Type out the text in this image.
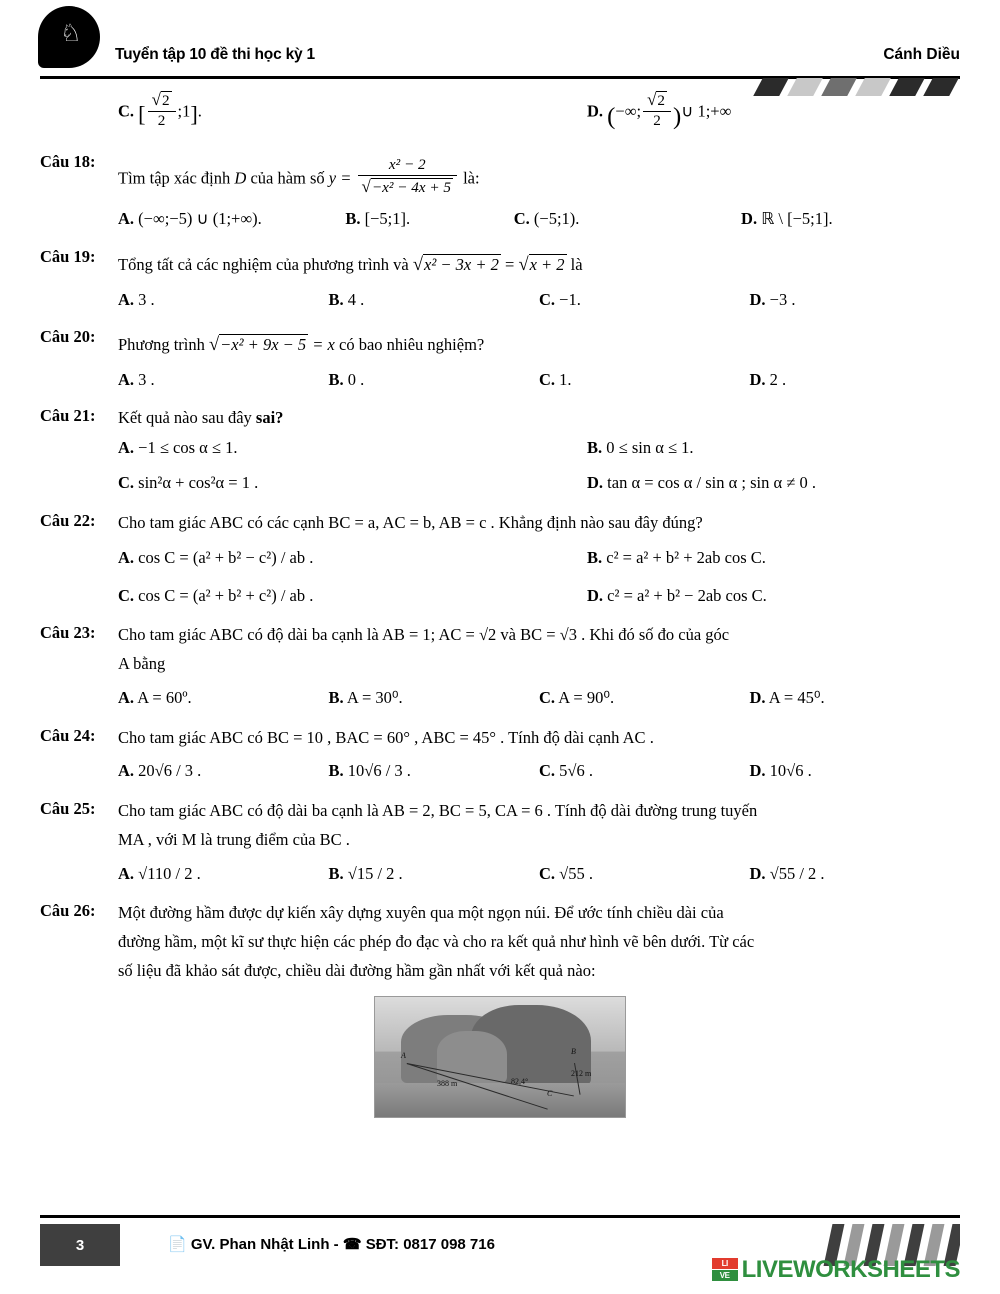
♘
Tuyển tập 10 đề thi học kỳ 1	Cánh Diều
C. [ $\frac{√2}{2}$ ;1].	D. (−∞; $\frac{√2}{2}$ )∪ 1;+∞
Câu 18:
Tìm tập xác định D của hàm số $y = \frac{\text{x² − 2}}{\text{√−x² − 4x + 5}}$ là:
A. (−∞;−5) ∪ (1;+∞).	B. [−5;1].	C. (−5;1).	D. ℝ \ [−5;1].
Câu 19:	Tổng tất cả các nghiệm của phương trình và √x² − 3x + 2 = √x + 2 là
A. 3 .	B. 4 .	C. −1.	D. −3 .
Câu 20:	Phương trình √−x² + 9x − 5 = x có bao nhiêu nghiệm?
A. 3 .	B. 0 .	C. 1.	D. 2 .
Câu 21:	Kết quả nào sau đây sai?
A. −1 ≤ cos α ≤ 1.	B. 0 ≤ sin α ≤ 1.
C. sin²α + cos²α = 1 .	D. tan α = cos α / sin α ; sin α ≠ 0 .
Câu 22:	Cho tam giác ABC có các cạnh BC = a, AC = b, AB = c . Khẳng định nào sau đây đúng?
A. cos C = (a² + b² − c²) / ab .	B. c² = a² + b² + 2ab cos C.
C. cos C = (a² + b² + c²) / ab .	D. c² = a² + b² − 2ab cos C.
Câu 23:	Cho tam giác ABC có độ dài ba cạnh là AB = 1; AC = √2 và BC = √3 . Khi đó số đo của góc
A bằng
A. A = 60º.	B. A = 30⁰.	C. A = 90⁰.	D. A = 45⁰.
Câu 24:	Cho tam giác ABC có BC = 10 , BAC = 60° , ABC = 45° . Tính độ dài cạnh AC .
A. 20√6 / 3 .	B. 10√6 / 3 .	C. 5√6 .	D. 10√6 .
Câu 25:	Cho tam giác ABC có độ dài ba cạnh là AB = 2, BC = 5, CA = 6 . Tính độ dài đường trung tuyến
MA , với M là trung điểm của BC .
A. √110 / 2 .	B. √15 / 2 .	C. √55 .	D. √55 / 2 .
Câu 26:	Một đường hầm được dự kiến xây dựng xuyên qua một ngọn núi. Để ước tính chiều dài của
đường hầm, một kĩ sư thực hiện các phép đo đạc và cho ra kết quả như hình vẽ bên dưới. Từ các
số liệu đã khảo sát được, chiều dài đường hầm gần nhất với kết quả nào:
A	B
C
388 m	82,4°
212 m
3	📄 GV. Phan Nhật Linh - ☎ SĐT: 0817 098 716
LI
VE LIVEWORKSHEETS
